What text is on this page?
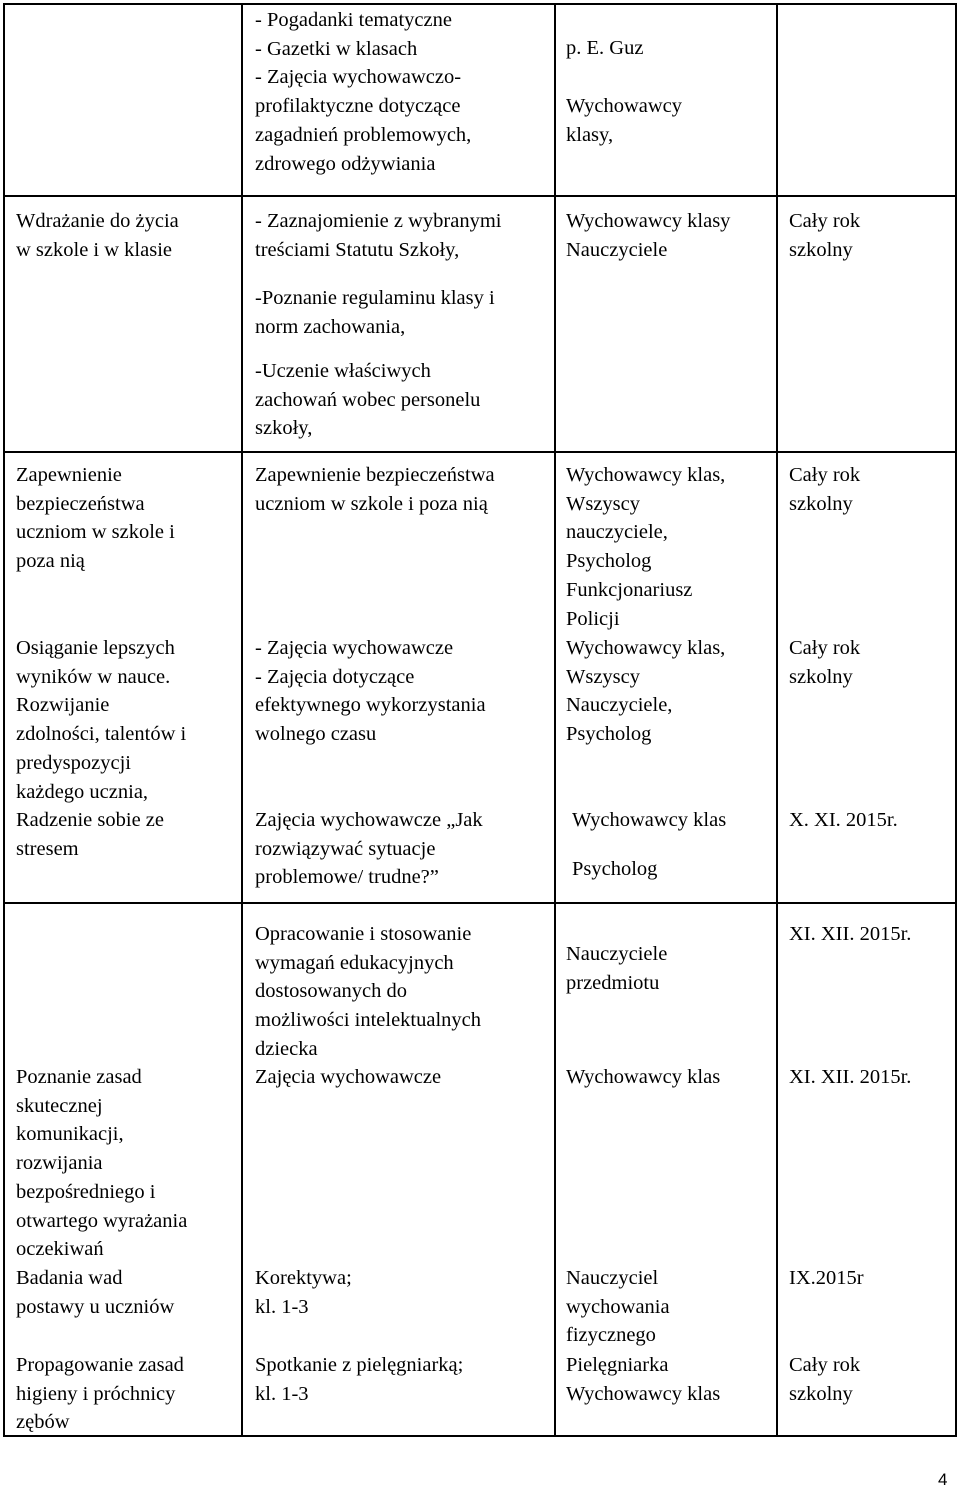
- Pogadanki tematyczne
- Gazetki w klasach
- Zajęcia wychowawczo-
profilaktyczne dotyczące
zagadnień problemowych,
zdrowego odżywiania

p. E. Guz

Wychowawcy
klasy,

Wdrażanie do życia
w szkole i w klasie

- Zaznajomienie z wybranymi
treściami Statutu Szkoły,

-Poznanie regulaminu klasy i
norm zachowania,

-Uczenie właściwych
zachowań wobec personelu
szkoły,

Wychowawcy klasy
Nauczyciele

Cały rok
szkolny

Zapewnienie
bezpieczeństwa
uczniom w szkole i
poza nią

Osiąganie lepszych
wyników w nauce.
Rozwijanie
zdolności, talentów i
predyspozycji
każdego ucznia,
Radzenie sobie ze
stresem

Zapewnienie bezpieczeństwa
uczniom w szkole i poza nią

- Zajęcia wychowawcze
- Zajęcia dotyczące
efektywnego wykorzystania
wolnego czasu

Zajęcia wychowawcze „Jak
rozwiązywać sytuacje
problemowe/ trudne?”

Wychowawcy klas,
Wszyscy
nauczyciele,
Psycholog
Funkcjonariusz
Policji

Wychowawcy klas,
Wszyscy
Nauczyciele,
Psycholog

Wychowawcy klas

Psycholog

Cały rok
szkolny

Cały rok
szkolny

X. XI. 2015r.

Poznanie zasad
skutecznej
komunikacji,
rozwijania
bezpośredniego i
otwartego wyrażania
oczekiwań

Badania wad
postawy u uczniów

Propagowanie zasad
higieny i próchnicy
zębów

Opracowanie i stosowanie
wymagań edukacyjnych
dostosowanych do
możliwości intelektualnych
dziecka

Zajęcia wychowawcze

Korektywa;
kl. 1-3

Spotkanie z pielęgniarką;
kl. 1-3

Nauczyciele
przedmiotu

Wychowawcy klas

Nauczyciel
wychowania
fizycznego

Pielęgniarka
Wychowawcy klas

XI. XII. 2015r.

XI. XII. 2015r.

IX.2015r

Cały rok
szkolny

4
